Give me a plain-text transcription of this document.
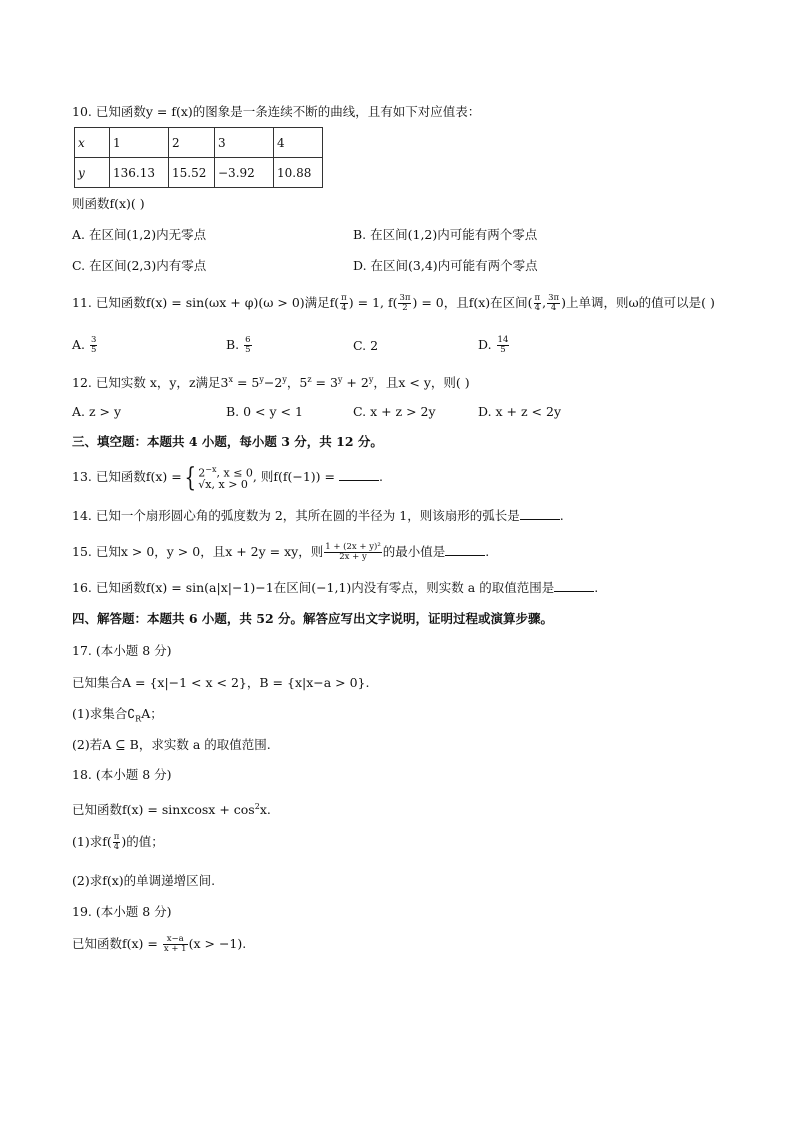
10. 已知函数y = f(x)的图象是一条连续不断的曲线，且有如下对应值表：
x	1	2	3	4
y	136.13	15.52	−3.92	10.88
则函数f(x)( )
A. 在区间(1,2)内无零点	B. 在区间(1,2)内可能有两个零点
C. 在区间(2,3)内有零点	D. 在区间(3,4)内可能有两个零点
11. 已知函数f(x) = sin(ωx + φ)(ω > 0)满足$f( \frac{\pi}{4}$ ) = 1, $f( \frac{3\pi}{2}$ ) = 0，且f(x)在区间( $\frac{\pi}{4}$ , $\frac{3\pi}{4}$ )上单调，则ω的值可以是( )
A. $\frac{3}{5}$	B. $\frac{6}{5}$	C. 2	D. $\frac{14}{5}$
12. 已知实数 x，y，z满足$3^x = 5^y-2^y$，$5^z = 3^y + 2^y$，且x < y，则( )
A. z > y	B. 0 < y < 1	C. x + z > 2y	D. x + z < 2y
三、填空题：本题共 4 小题，每小题 3 分，共 12 分。
13. 已知函数f(x) ={ $2^{-x}$, x ≤ 0
√x, x > 0
, 则f(f(−1)) =	.
14. 已知一个扇形圆心角的弧度数为 2，其所在圆的半径为 1，则该扇形的弧长是	.
15. 已知x > 0，y > 0，且x + 2y = xy，则 $\frac{\text{1 + (2x + y)²}}{2x + y}$ 的最小值是	.
16. 已知函数f(x) = sin(a|x|−1)−1在区间(−1,1)内没有零点，则实数 a 的取值范围是	.
四、解答题：本题共 6 小题，共 52 分。解答应写出文字说明，证明过程或演算步骤。
17. (本小题 8 分)
已知集合A = {x|−1 < x < 2}，B = {x|x−a > 0}.
(1)求集合$∁_RA$；
(2)若A ⊆ B，求实数 a 的取值范围.
18. (本小题 8 分)
已知函数f(x) = sinxcosx + $\cos^2x$.
(1)求$f( \frac{\pi}{4}$ )的值；
(2)求f(x)的单调递增区间.
19. (本小题 8 分)
已知函数$f(x) = \frac{x-a}{x + 1} (x > -1)$.
